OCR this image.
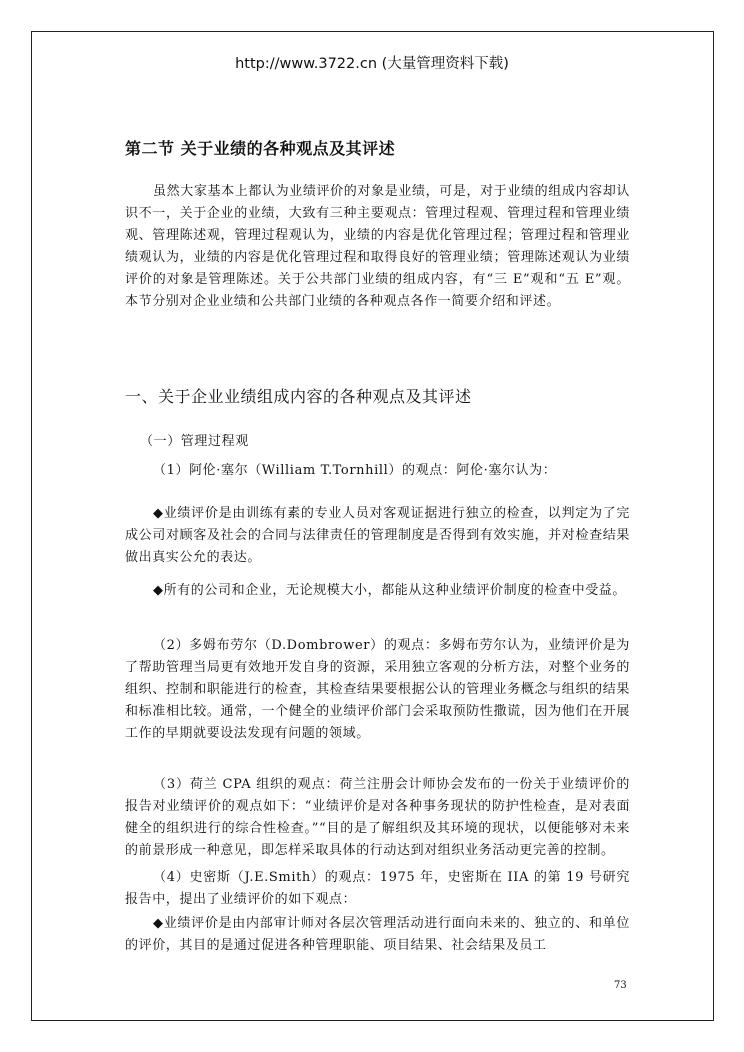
http://www.3722.cn (大量管理资料下载)
第二节 关于业绩的各种观点及其评述

虽然大家基本上都认为业绩评价的对象是业绩，可是，对于业绩的组成内容却认识不一，关于企业的业绩，大致有三种主要观点：管理过程观、管理过程和管理业绩观、管理陈述观，管理过程观认为，业绩的内容是优化管理过程；管理过程和管理业绩观认为，业绩的内容是优化管理过程和取得良好的管理业绩；管理陈述观认为业绩评价的对象是管理陈述。关于公共部门业绩的组成内容，有“三 E”观和“五 E”观。本节分别对企业业绩和公共部门业绩的各种观点各作一简要介绍和评述。

一、关于企业业绩组成内容的各种观点及其评述
（一）管理过程观

（1）阿伦·塞尔（William T.Tornhill）的观点：阿伦·塞尔认为：

◆业绩评价是由训练有素的专业人员对客观证据进行独立的检查，以判定为了完成公司对顾客及社会的合同与法律责任的管理制度是否得到有效实施，并对检查结果做出真实公允的表达。

◆所有的公司和企业，无论规模大小，都能从这种业绩评价制度的检查中受益。

（2）多姆布劳尔（D.Dombrower）的观点：多姆布劳尔认为，业绩评价是为了帮助管理当局更有效地开发自身的资源，采用独立客观的分析方法，对整个业务的组织、控制和职能进行的检查，其检查结果要根据公认的管理业务概念与组织的结果和标准相比较。通常，一个健全的业绩评价部门会采取预防性撒谎，因为他们在开展工作的早期就要设法发现有问题的领域。

（3）荷兰 CPA 组织的观点：荷兰注册会计师协会发布的一份关于业绩评价的报告对业绩评价的观点如下：“业绩评价是对各种事务现状的防护性检查，是对表面健全的组织进行的综合性检查。”“目的是了解组织及其环境的现状，以便能够对未来的前景形成一种意见，即怎样采取具体的行动达到对组织业务活动更完善的控制。

（4）史密斯（J.E.Smith）的观点：1975 年，史密斯在 IIA 的第 19 号研究报告中，提出了业绩评价的如下观点：

◆业绩评价是由内部审计师对各层次管理活动进行面向未来的、独立的、和单位的评价，其目的是通过促进各种管理职能、项目结果、社会结果及员工

73
